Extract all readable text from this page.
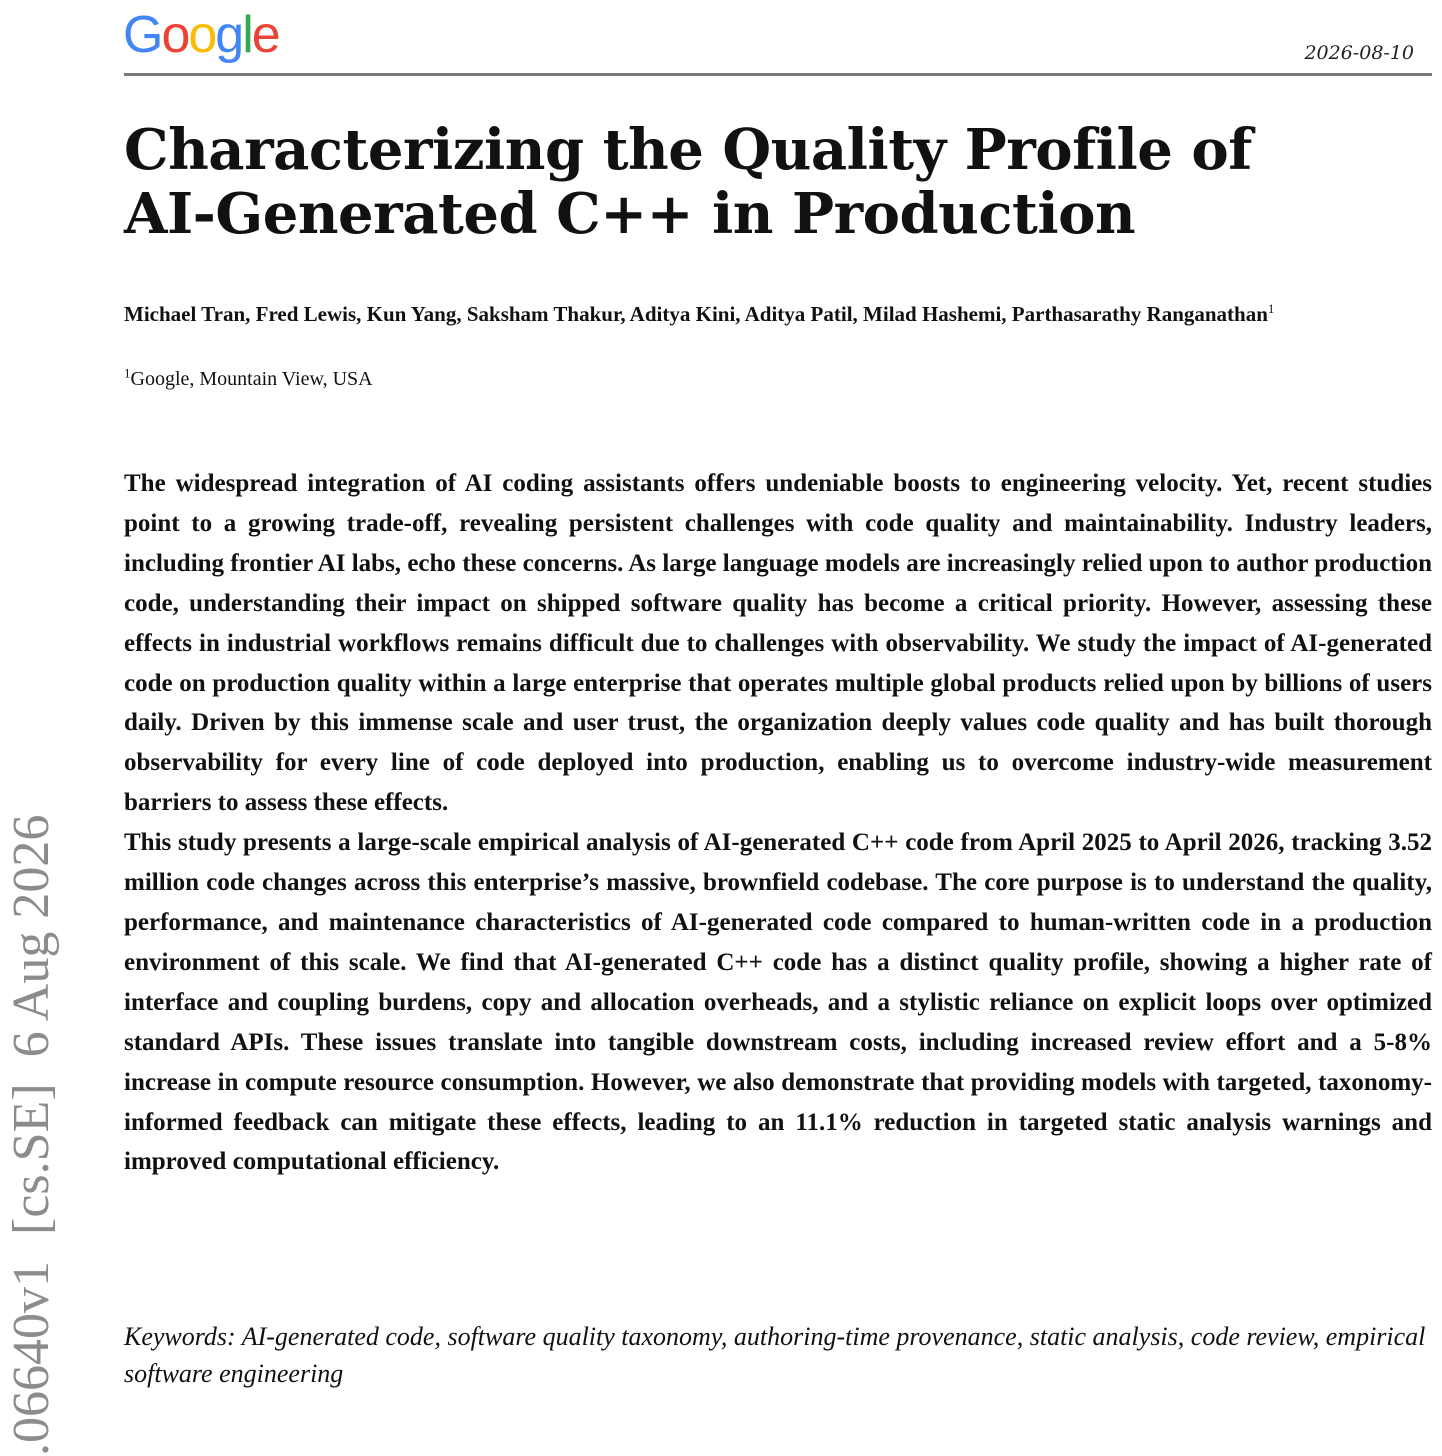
Google	2026-08-10
Characterizing the Quality Profile of
AI-Generated C++ in Production
Michael Tran, Fred Lewis, Kun Yang, Saksham Thakur, Aditya Kini, Aditya Patil, Milad Hashemi, Parthasarathy Ranganathan$^1$
$^1$Google, Mountain View, USA

The widespread integration of AI coding assistants offers undeniable boosts to engineering velocity. Yet, recent studies point to a growing trade-off, revealing persistent challenges with code quality and maintainability. Industry leaders, including frontier AI labs, echo these concerns. As large language models are increasingly relied upon to author production code, understanding their impact on shipped software quality has become a critical priority. However, assessing these effects in industrial workflows remains difficult due to challenges with observability. We study the impact of AI-generated code on production quality within a large enterprise that operates multiple global products relied upon by billions of users daily. Driven by this immense scale and user trust, the organization deeply values code quality and has built thorough observability for every line of code deployed into production, enabling us to overcome industry-wide measurement barriers to assess these effects.

This study presents a large-scale empirical analysis of AI-generated C++ code from April 2025 to April 2026, tracking 3.52 million code changes across this enterprise’s massive, brownfield codebase. The core purpose is to understand the quality, performance, and maintenance characteristics of AI-generated code compared to human-written code in a production environment of this scale. We find that AI-generated C++ code has a distinct quality profile, showing a higher rate of interface and coupling burdens, copy and allocation overheads, and a stylistic reliance on explicit loops over optimized standard APIs. These issues translate into tangible downstream costs, including increased review effort and a 5-8% increase in compute resource consumption. However, we also demonstrate that providing models with targeted, taxonomy-informed feedback can mitigate these effects, leading to an 11.1% reduction in targeted static analysis warnings and improved computational efficiency.

Keywords: AI-generated code, software quality taxonomy, authoring-time provenance, static analysis, code review, empirical software engineering
.06640v1  [cs.SE]  6 Aug 2026
